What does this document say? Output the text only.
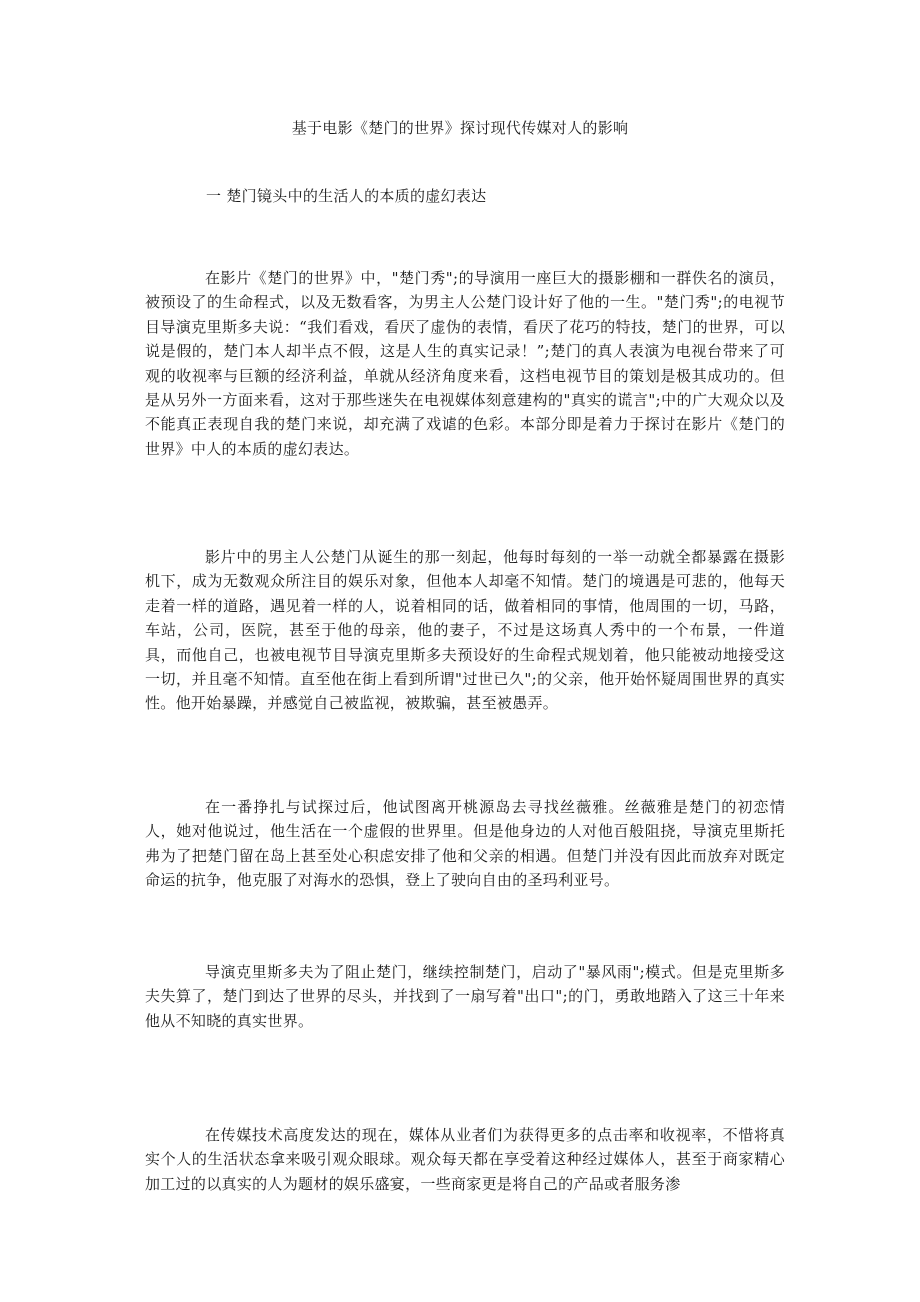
基于电影《楚门的世界》探讨现代传媒对人的影响
一 楚门镜头中的生活人的本质的虚幻表达

在影片《楚门的世界》中，"楚门秀";的导演用一座巨大的摄影棚和一群佚名的演员，被预设了的生命程式，以及无数看客，为男主人公楚门设计好了他的一生。"楚门秀";的电视节目导演克里斯多夫说：“我们看戏，看厌了虚伪的表情，看厌了花巧的特技，楚门的世界，可以说是假的，楚门本人却半点不假，这是人生的真实记录！”;楚门的真人表演为电视台带来了可观的收视率与巨额的经济利益，单就从经济角度来看，这档电视节目的策划是极其成功的。但是从另外一方面来看，这对于那些迷失在电视媒体刻意建构的"真实的谎言";中的广大观众以及不能真正表现自我的楚门来说，却充满了戏谑的色彩。本部分即是着力于探讨在影片《楚门的世界》中人的本质的虚幻表达。

影片中的男主人公楚门从诞生的那一刻起，他每时每刻的一举一动就全都暴露在摄影机下，成为无数观众所注目的娱乐对象，但他本人却毫不知情。楚门的境遇是可悲的，他每天走着一样的道路，遇见着一样的人，说着相同的话，做着相同的事情，他周围的一切，马路，车站，公司，医院，甚至于他的母亲，他的妻子，不过是这场真人秀中的一个布景，一件道具，而他自己，也被电视节目导演克里斯多夫预设好的生命程式规划着，他只能被动地接受这一切，并且毫不知情。直至他在街上看到所谓"过世已久";的父亲，他开始怀疑周围世界的真实性。他开始暴躁，并感觉自己被监视，被欺骗，甚至被愚弄。

在一番挣扎与试探过后，他试图离开桃源岛去寻找丝薇雅。丝薇雅是楚门的初恋情人，她对他说过，他生活在一个虚假的世界里。但是他身边的人对他百般阻挠，导演克里斯托弗为了把楚门留在岛上甚至处心积虑安排了他和父亲的相遇。但楚门并没有因此而放弃对既定命运的抗争，他克服了对海水的恐惧，登上了驶向自由的圣玛利亚号。

导演克里斯多夫为了阻止楚门，继续控制楚门，启动了"暴风雨";模式。但是克里斯多夫失算了，楚门到达了世界的尽头，并找到了一扇写着"出口";的门，勇敢地踏入了这三十年来他从不知晓的真实世界。

在传媒技术高度发达的现在，媒体从业者们为获得更多的点击率和收视率，不惜将真实个人的生活状态拿来吸引观众眼球。观众每天都在享受着这种经过媒体人，甚至于商家精心加工过的以真实的人为题材的娱乐盛宴，一些商家更是将自己的产品或者服务渗
